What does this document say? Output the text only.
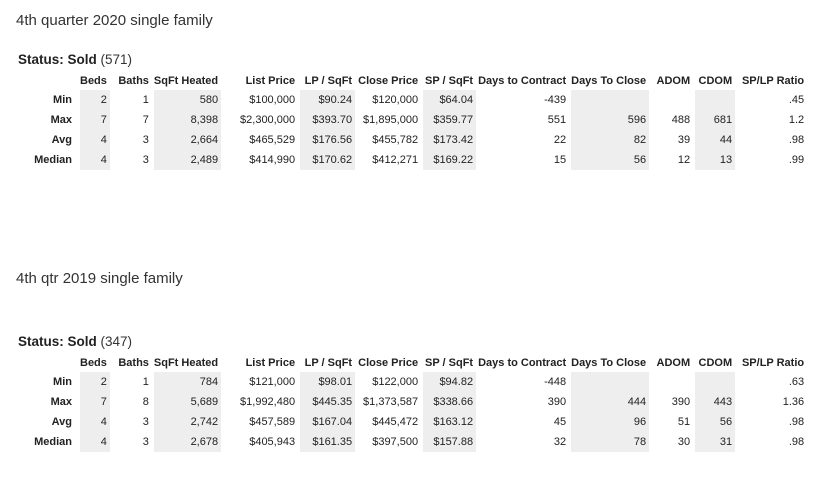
4th quarter 2020 single family
Status: Sold (571)
	Beds	Baths	SqFt Heated	List Price	LP / SqFt	Close Price	SP / SqFt	Days to Contract	Days To Close	ADOM	CDOM	SP/LP Ratio
Min	2	1	580	$100,000	$90.24	$120,000	$64.04	-439				.45
Max	7	7	8,398	$2,300,000	$393.70	$1,895,000	$359.77	551	596	488	681	1.2
Avg	4	3	2,664	$465,529	$176.56	$455,782	$173.42	22	82	39	44	.98
Median	4	3	2,489	$414,990	$170.62	$412,271	$169.22	15	56	12	13	.99
4th qtr 2019 single family
Status: Sold (347)
	Beds	Baths	SqFt Heated	List Price	LP / SqFt	Close Price	SP / SqFt	Days to Contract	Days To Close	ADOM	CDOM	SP/LP Ratio
Min	2	1	784	$121,000	$98.01	$122,000	$94.82	-448				.63
Max	7	8	5,689	$1,992,480	$445.35	$1,373,587	$338.66	390	444	390	443	1.36
Avg	4	3	2,742	$457,589	$167.04	$445,472	$163.12	45	96	51	56	.98
Median	4	3	2,678	$405,943	$161.35	$397,500	$157.88	32	78	30	31	.98
